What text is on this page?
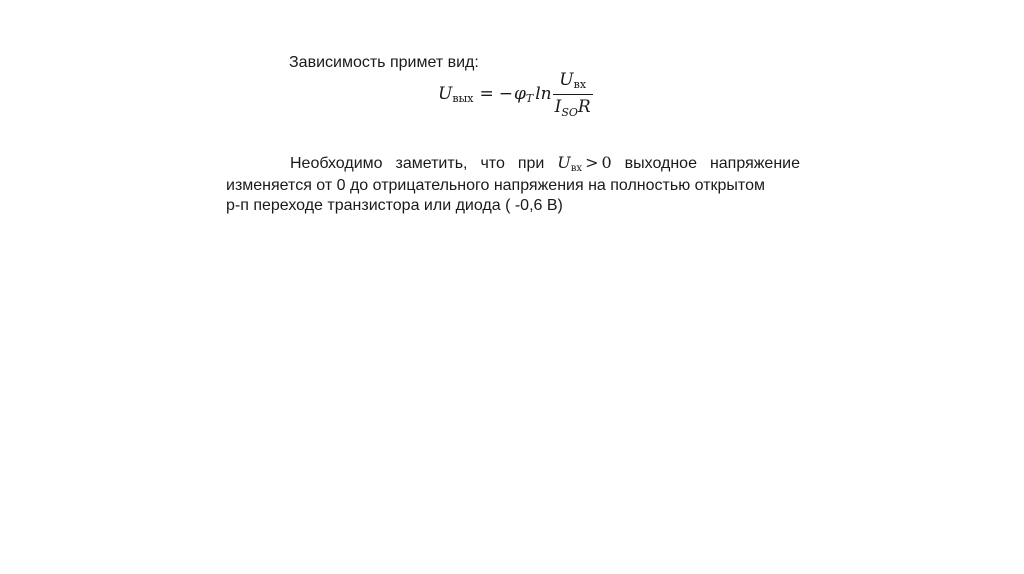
Зависимость примет вид:
U вых = − φ T $\ln \frac{\text{Uвх}}{I_{SO}R}$
Необходимо заметить, что при Uвх > 0 выходное напряжение
изменяется от 0 до отрицательного напряжения на полностью открытом
p-п переходе транзистора или диода ( -0,6 В)
